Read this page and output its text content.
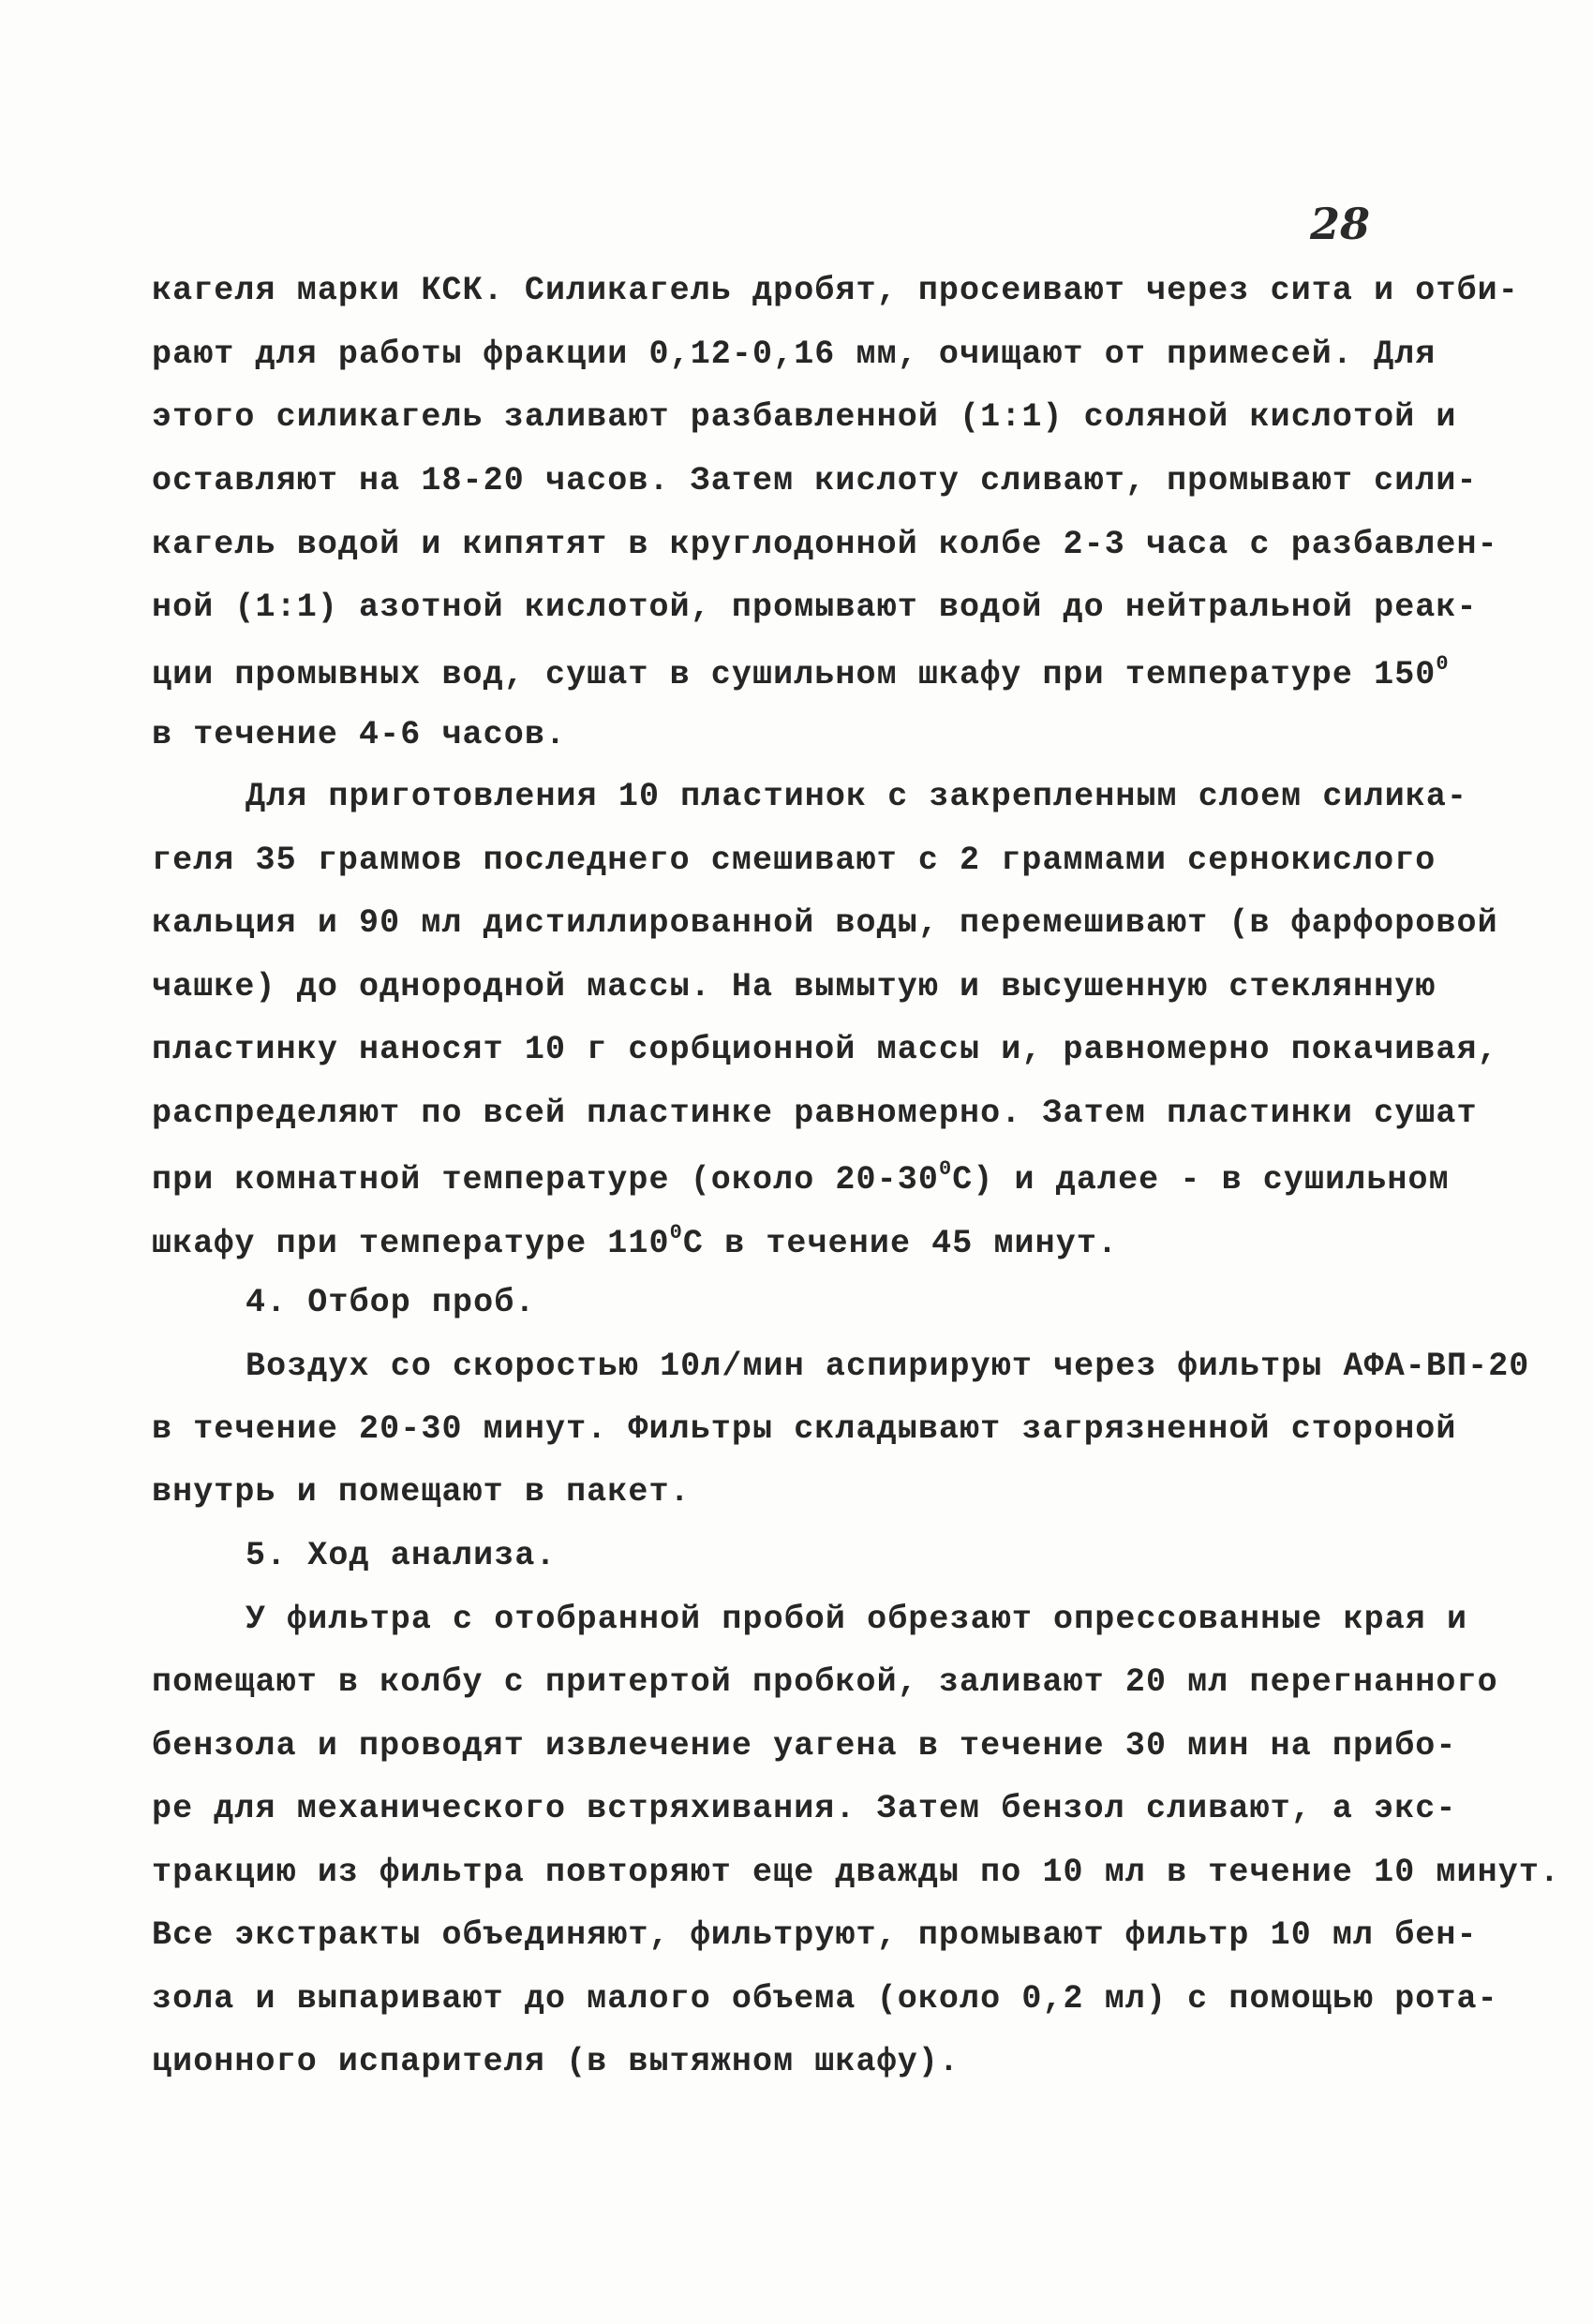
28
кагеля марки КСК. Силикагель дробят, просеивают через сита и отби-
рают для работы фракции 0,12-0,16 мм, очищают от примесей. Для
этого силикагель заливают разбавленной (1:1) соляной кислотой и
оставляют на 18-20 часов. Затем кислоту сливают, промывают сили-
кагель водой и кипятят в круглодонной колбе 2-3 часа с разбавлен-
ной (1:1) азотной кислотой, промывают водой до нейтральной реак-
ции промывных вод, сушат в сушильном шкафу при температуре $150^0$
в течение 4-6 часов.
Для приготовления 10 пластинок с закрепленным слоем силика-
геля 35 граммов последнего смешивают с 2 граммами сернокислого
кальция и 90 мл дистиллированной воды, перемешивают (в фарфоровой
чашке) до однородной массы. На вымытую и высушенную стеклянную
пластинку наносят 10 г сорбционной массы и, равномерно покачивая,
распределяют по всей пластинке равномерно. Затем пластинки сушат
при комнатной температуре (около $20-30^0C$) и далее - в сушильном
шкафу при температуре $110^0C$ в течение 45 минут.
4. Отбор проб.
Воздух со скоростью 10л/мин аспирируют через фильтры АФА-ВП-20
в течение 20-30 минут. Фильтры складывают загрязненной стороной
внутрь и помещают в пакет.
5. Ход анализа.
У фильтра с отобранной пробой обрезают опрессованные края и
помещают в колбу с притертой пробкой, заливают 20 мл перегнанного
бензола и проводят извлечение уагена в течение 30 мин на прибо-
ре для механического встряхивания. Затем бензол сливают, а экс-
тракцию из фильтра повторяют еще дважды по 10 мл в течение 10 минут.
Все экстракты объединяют, фильтруют, промывают фильтр 10 мл бен-
зола и выпаривают до малого объема (около 0,2 мл) с помощью рота-
ционного испарителя (в вытяжном шкафу).
